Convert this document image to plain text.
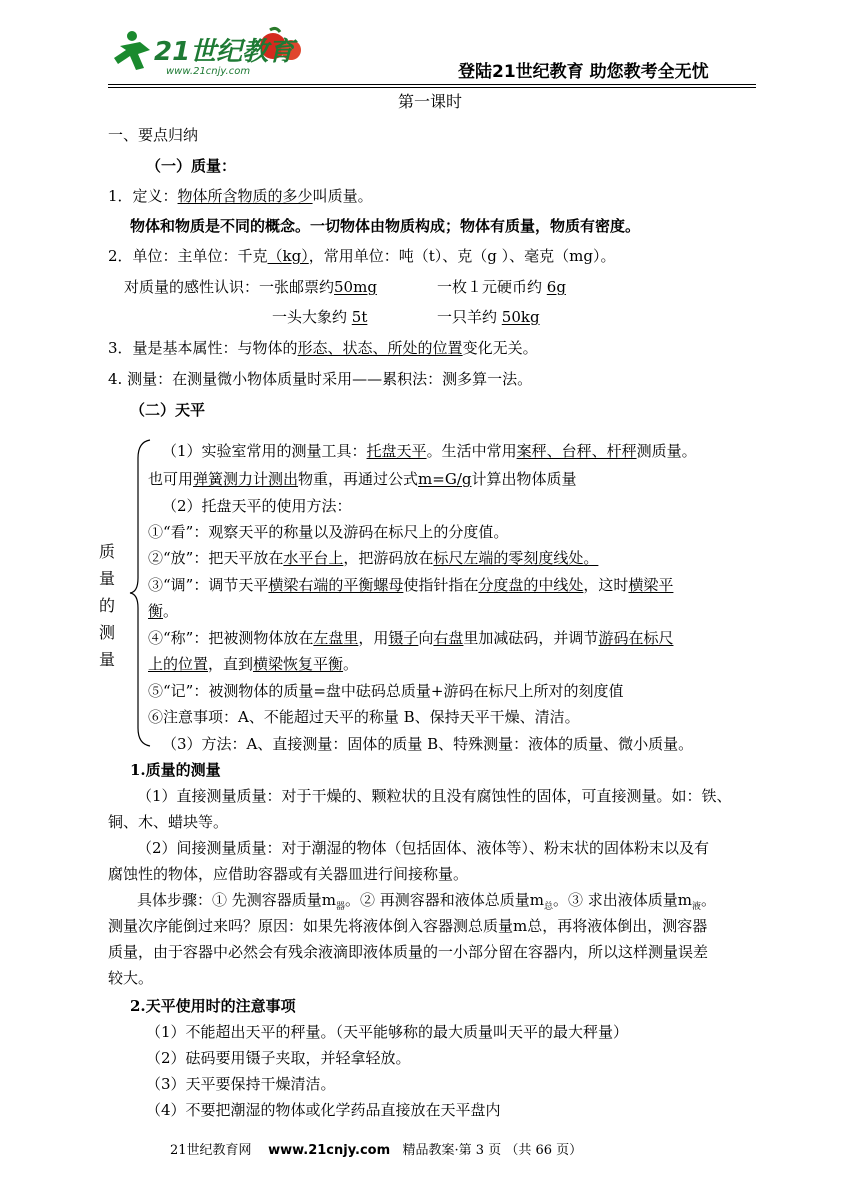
21世纪教育
www.21cnjy.com	登陆21世纪教育 助您教考全无忧
第一课时
一、要点归纳
（一）质量：
1．定义：物体所含物质的多少叫质量。
物体和物质是不同的概念。一切物体由物质构成；物体有质量，物质有密度。
2．单位：主单位：千克（kg），常用单位：吨（t）、克（g ）、毫克（mg）。
对质量的感性认识：一张邮票约50mg	一枚１元硬币约 6g
一头大象约 5t	一只羊约 50kg
3．量是基本属性：与物体的形态、状态、所处的位置变化无关。
4. 测量：在测量微小物体质量时采用——累积法：测多算一法。
（二）天平
质
量
的
测
量
（1）实验室常用的测量工具：托盘天平。生活中常用案秤、台秤、杆秤测质量。
也可用弹簧测力计测出物重，再通过公式m=G/g计算出物体质量
（2）托盘天平的使用方法：
①“看”：观察天平的称量以及游码在标尺上的分度值。
②“放”：把天平放在水平台上，把游码放在标尺左端的零刻度线处。
③“调”：调节天平横梁右端的平衡螺母使指针指在分度盘的中线处，这时横梁平
衡。
④“称”：把被测物体放在左盘里，用镊子向右盘里加减砝码，并调节游码在标尺
上的位置，直到横梁恢复平衡。
⑤“记”：被测物体的质量=盘中砝码总质量+游码在标尺上所对的刻度值
⑥注意事项：A、不能超过天平的称量 B、保持天平干燥、清洁。
（3）方法：A、直接测量：固体的质量 B、特殊测量：液体的质量、微小质量。
1.质量的测量
（1）直接测量质量：对于干燥的、颗粒状的且没有腐蚀性的固体，可直接测量。如：铁、
铜、木、蜡块等。
（2）间接测量质量：对于潮湿的物体（包括固体、液体等）、粉末状的固体粉末以及有
腐蚀性的物体，应借助容器或有关器皿进行间接称量。
具体步骤：① 先测容器质量$m_器$。② 再测容器和液体总质量$m_总$。③ 求出液体质量$m_液$。
测量次序能倒过来吗？原因：如果先将液体倒入容器测总质量m总，再将液体倒出，测容器
质量，由于容器中必然会有残余液滴即液体质量的一小部分留在容器内，所以这样测量误差
较大。
2.天平使用时的注意事项
（1）不能超出天平的秤量。（天平能够称的最大质量叫天平的最大秤量）
（2）砝码要用镊子夹取，并轻拿轻放。
（3）天平要保持干燥清洁。
（4）不要把潮湿的物体或化学药品直接放在天平盘内
21世纪教育网 www.21cnjy.com 精品教案·第 3 页 （共 66 页）
